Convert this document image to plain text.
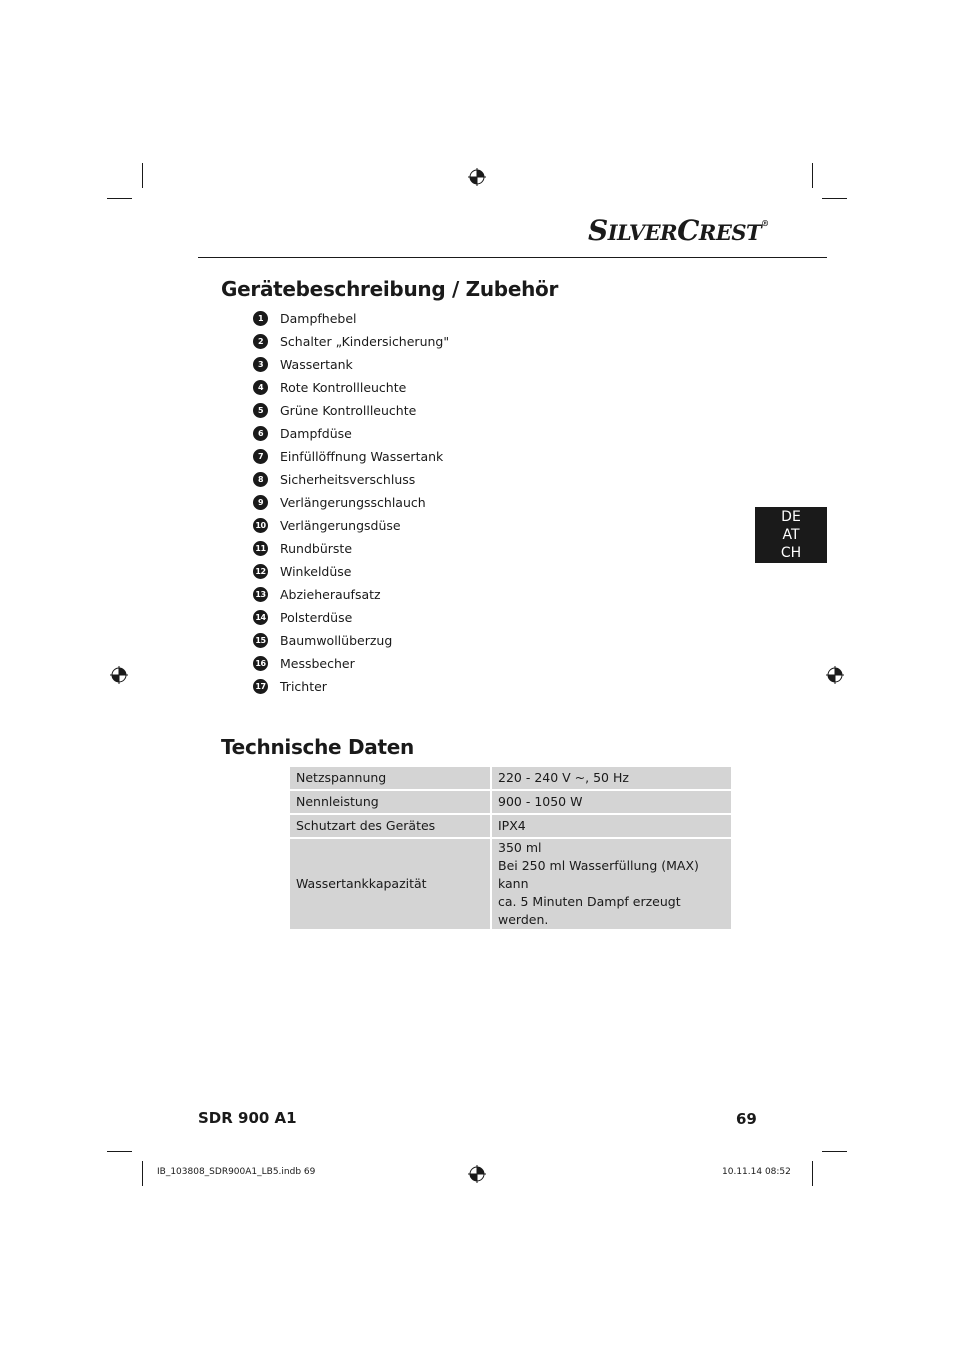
SILVERCREST®
Gerätebeschreibung / Zubehör
1	Dampfhebel
2	Schalter „Kindersicherung"
3	Wassertank
4	Rote Kontrollleuchte
5	Grüne Kontrollleuchte
6	Dampfdüse
7	Einfüllöffnung Wassertank
8	Sicherheitsverschluss
9	Verlängerungsschlauch
10 Verlängerungsdüse
11 Rundbürste
12 Winkeldüse
13 Abzieheraufsatz
14 Polsterdüse
15 Baumwollüberzug
16 Messbecher
17 Trichter
DE
AT
CH
Technische Daten
Netzspannung	220 - 240 V ~, 50 Hz
Nennleistung	900 - 1050 W
Schutzart des Gerätes	IPX4
Wassertankkapazität	350 ml
Bei 250 ml Wasserfüllung (MAX) kann
ca. 5 Minuten Dampf erzeugt werden.
SDR 900 A1	69
IB_103808_SDR900A1_LB5.indb 69	10.11.14 08:52
